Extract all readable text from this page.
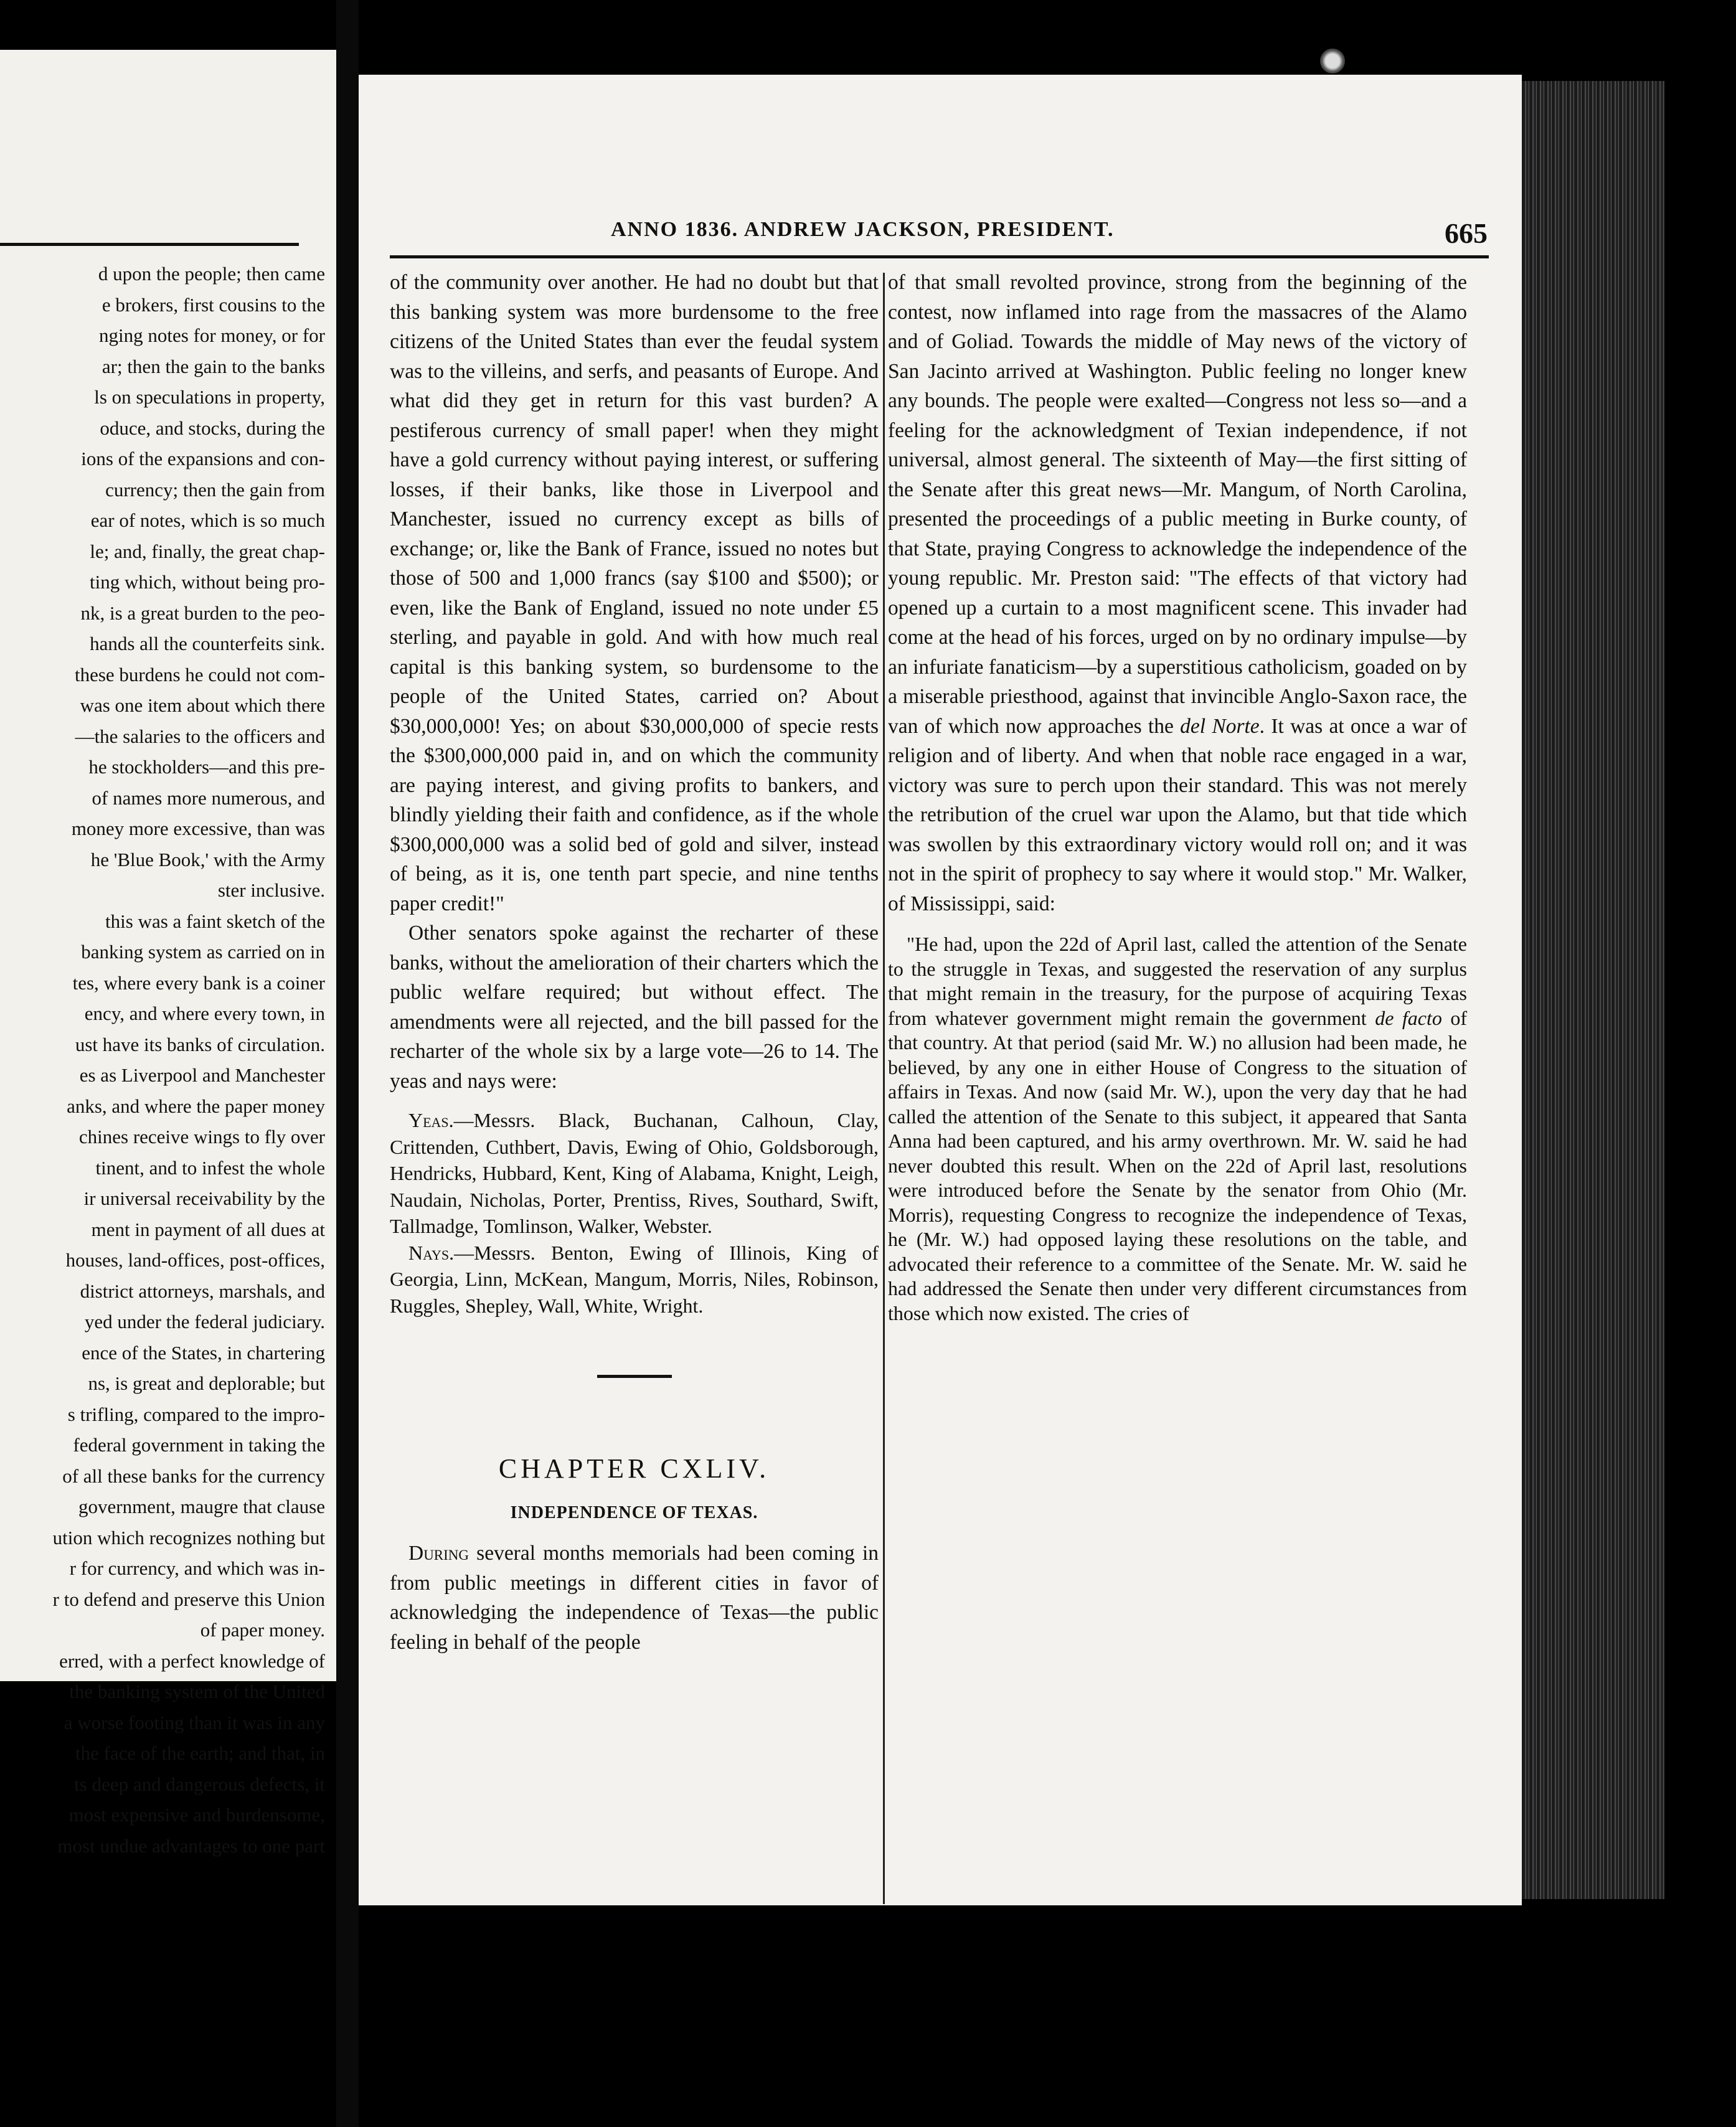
d upon the people; then came
e brokers, first cousins to the
nging notes for money, or for
ar; then the gain to the banks
ls on speculations in property,
oduce, and stocks, during the
ions of the expansions and con-
currency; then the gain from
ear of notes, which is so much
le; and, finally, the great chap-
ting which, without being pro-
nk, is a great burden to the peo-
hands all the counterfeits sink.
these burdens he could not com-
was one item about which there
—the salaries to the officers and
he stockholders—and this pre-
of names more numerous, and
money more excessive, than was
he 'Blue Book,' with the Army
ster inclusive.
this was a faint sketch of the
banking system as carried on in
tes, where every bank is a coiner
ency, and where every town, in
ust have its banks of circulation.
es as Liverpool and Manchester
anks, and where the paper money
chines receive wings to fly over
tinent, and to infest the whole
ir universal receivability by the
ment in payment of all dues at
houses, land-offices, post-offices,
district attorneys, marshals, and
yed under the federal judiciary.
ence of the States, in chartering
ns, is great and deplorable; but
s trifling, compared to the impro-
federal government in taking the
of all these banks for the currency
government, maugre that clause
ution which recognizes nothing but
r for currency, and which was in-
r to defend and preserve this Union
of paper money.
erred, with a perfect knowledge of
the banking system of the United
a worse footing than it was in any
the face of the earth; and that, in
ts deep and dangerous defects, it
most expensive and burdensome,
most undue advantages to one part
ANNO 1836. ANDREW JACKSON, PRESIDENT.	665

of the community over another. He had no doubt but that this banking system was more burdensome to the free citizens of the United States than ever the feudal system was to the villeins, and serfs, and peasants of Europe. And what did they get in return for this vast burden? A pestiferous currency of small paper! when they might have a gold currency without paying interest, or suffering losses, if their banks, like those in Liverpool and Manchester, issued no currency except as bills of exchange; or, like the Bank of France, issued no notes but those of 500 and 1,000 francs (say $100 and $500); or even, like the Bank of England, issued no note under £5 sterling, and payable in gold. And with how much real capital is this banking system, so burdensome to the people of the United States, carried on? About $30,000,000! Yes; on about $30,000,000 of specie rests the $300,000,000 paid in, and on which the community are paying interest, and giving profits to bankers, and blindly yielding their faith and confidence, as if the whole $300,000,000 was a solid bed of gold and silver, instead of being, as it is, one tenth part specie, and nine tenths paper credit!"

Other senators spoke against the recharter of these banks, without the amelioration of their charters which the public welfare required; but without effect. The amendments were all rejected, and the bill passed for the recharter of the whole six by a large vote—26 to 14. The yeas and nays were:

Yeas.—Messrs. Black, Buchanan, Calhoun, Clay, Crittenden, Cuthbert, Davis, Ewing of Ohio, Goldsborough, Hendricks, Hubbard, Kent, King of Alabama, Knight, Leigh, Naudain, Nicholas, Porter, Prentiss, Rives, Southard, Swift, Tallmadge, Tomlinson, Walker, Webster.

Nays.—Messrs. Benton, Ewing of Illinois, King of Georgia, Linn, McKean, Mangum, Morris, Niles, Robinson, Ruggles, Shepley, Wall, White, Wright.

CHAPTER CXLIV.
INDEPENDENCE OF TEXAS.

During several months memorials had been coming in from public meetings in different cities in favor of acknowledging the independence of Texas—the public feeling in behalf of the people

of that small revolted province, strong from the beginning of the contest, now inflamed into rage from the massacres of the Alamo and of Goliad. Towards the middle of May news of the victory of San Jacinto arrived at Washington. Public feeling no longer knew any bounds. The people were exalted—Congress not less so—and a feeling for the acknowledgment of Texian independence, if not universal, almost general. The sixteenth of May—the first sitting of the Senate after this great news—Mr. Mangum, of North Carolina, presented the proceedings of a public meeting in Burke county, of that State, praying Congress to acknowledge the independence of the young republic. Mr. Preston said: "The effects of that victory had opened up a curtain to a most magnificent scene. This invader had come at the head of his forces, urged on by no ordinary impulse—by an infuriate fanaticism—by a superstitious catholicism, goaded on by a miserable priesthood, against that invincible Anglo-Saxon race, the van of which now approaches the del Norte. It was at once a war of religion and of liberty. And when that noble race engaged in a war, victory was sure to perch upon their standard. This was not merely the retribution of the cruel war upon the Alamo, but that tide which was swollen by this extraordinary victory would roll on; and it was not in the spirit of prophecy to say where it would stop." Mr. Walker, of Mississippi, said:

"He had, upon the 22d of April last, called the attention of the Senate to the struggle in Texas, and suggested the reservation of any surplus that might remain in the treasury, for the purpose of acquiring Texas from whatever government might remain the government de facto of that country. At that period (said Mr. W.) no allusion had been made, he believed, by any one in either House of Congress to the situation of affairs in Texas. And now (said Mr. W.), upon the very day that he had called the attention of the Senate to this subject, it appeared that Santa Anna had been captured, and his army overthrown. Mr. W. said he had never doubted this result. When on the 22d of April last, resolutions were introduced before the Senate by the senator from Ohio (Mr. Morris), requesting Congress to recognize the independence of Texas, he (Mr. W.) had opposed laying these resolutions on the table, and advocated their reference to a committee of the Senate. Mr. W. said he had addressed the Senate then under very different circumstances from those which now existed. The cries of
